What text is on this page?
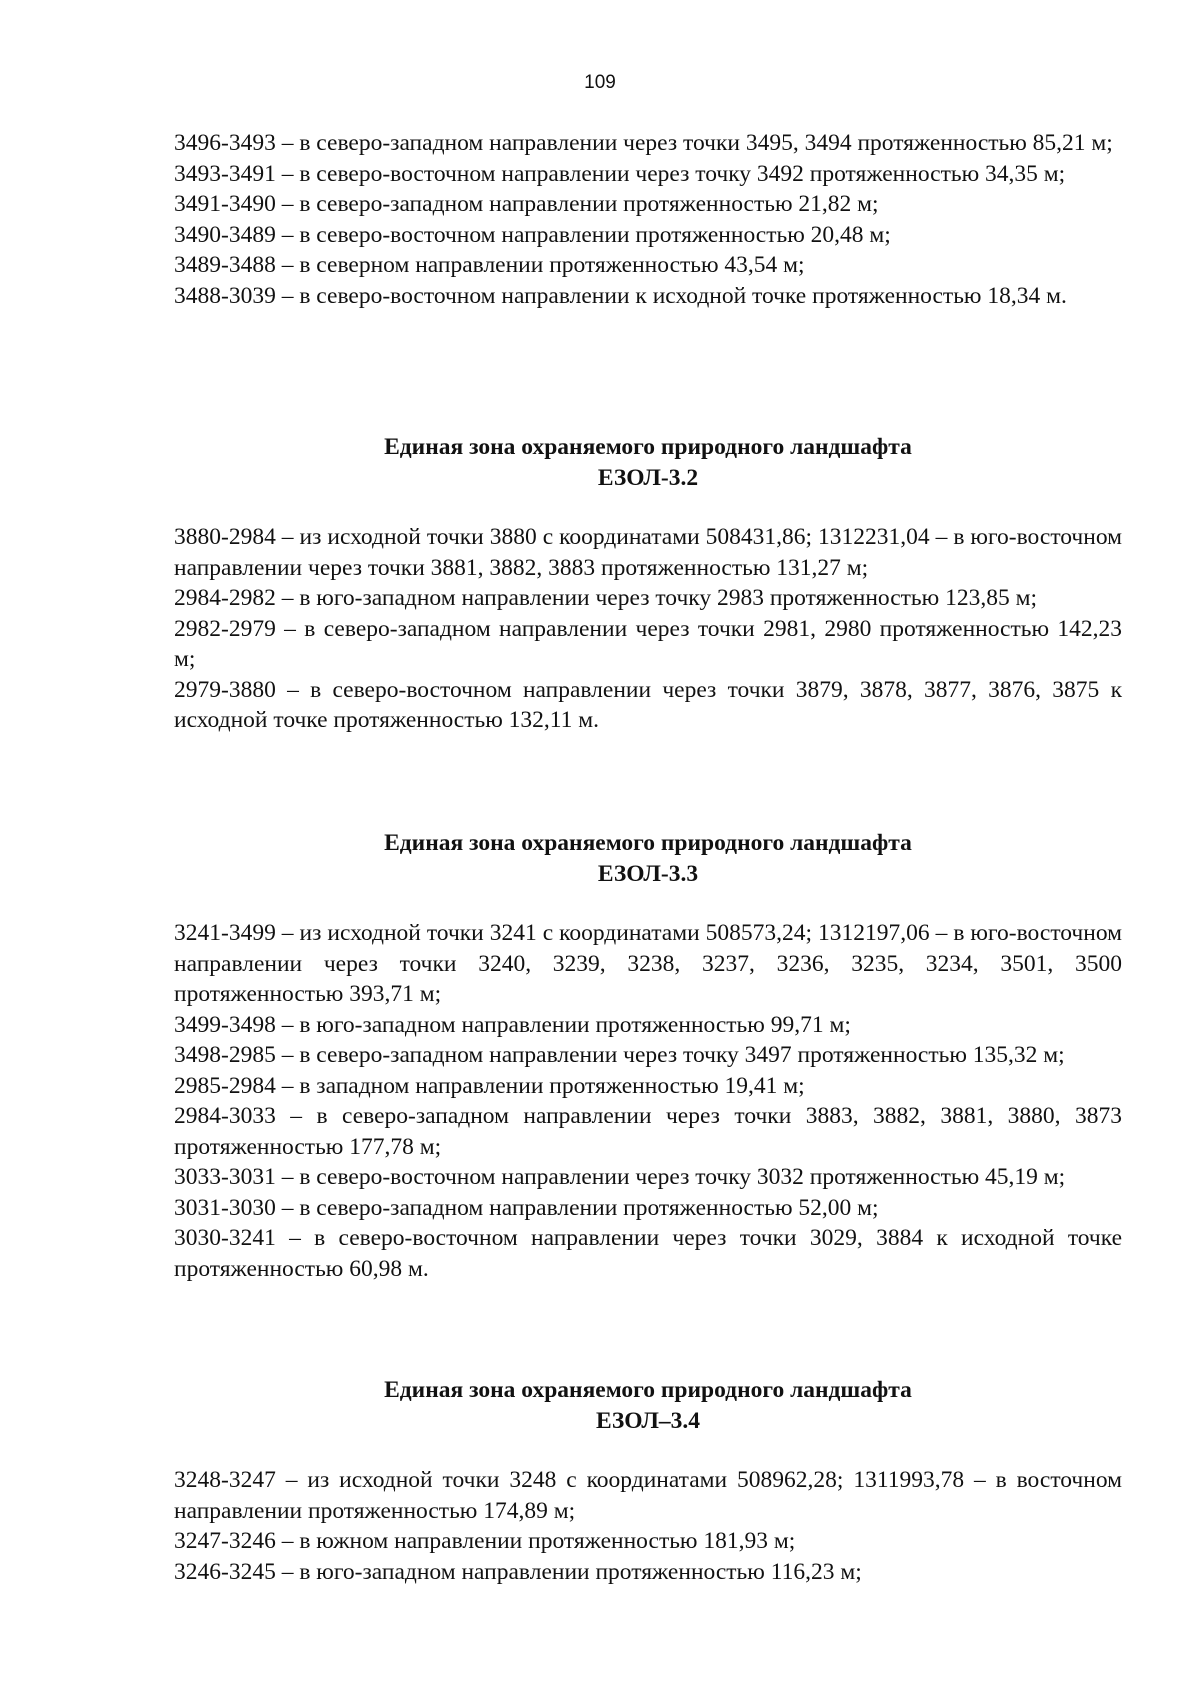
109

3496-3493 – в северо-западном направлении через точки 3495, 3494 протяженностью 85,21 м;

3493-3491 – в северо-восточном направлении через точку 3492 протяженностью 34,35 м;

3491-3490 – в северо-западном направлении протяженностью 21,82 м;

3490-3489 – в северо-восточном направлении протяженностью 20,48 м;

3489-3488 – в северном направлении протяженностью 43,54 м;

3488-3039 – в северо-восточном направлении к исходной точке протяженностью 18,34 м.

Единая зона охраняемого природного ландшафта

ЕЗОЛ-3.2

3880-2984 – из исходной точки 3880 с координатами 508431,86; 1312231,04 – в юго-восточном направлении через точки 3881, 3882, 3883 протяженностью 131,27 м;

2984-2982 – в юго-западном направлении через точку 2983 протяженностью 123,85 м;

2982-2979 – в северо-западном направлении через точки 2981, 2980 протяженностью 142,23 м;

2979-3880 – в северо-восточном направлении через точки 3879, 3878, 3877, 3876, 3875 к исходной точке протяженностью 132,11 м.

Единая зона охраняемого природного ландшафта

ЕЗОЛ-3.3

3241-3499 – из исходной точки 3241 с координатами 508573,24; 1312197,06 – в юго-восточном направлении через точки 3240, 3239, 3238, 3237, 3236, 3235, 3234, 3501, 3500 протяженностью 393,71 м;

3499-3498 – в юго-западном направлении протяженностью 99,71 м;

3498-2985 – в северо-западном направлении через точку 3497 протяженностью 135,32 м;

2985-2984 – в западном направлении протяженностью 19,41 м;

2984-3033 – в северо-западном направлении через точки 3883, 3882, 3881, 3880, 3873 протяженностью 177,78 м;

3033-3031 – в северо-восточном направлении через точку 3032 протяженностью 45,19 м;

3031-3030 – в северо-западном направлении протяженностью 52,00 м;

3030-3241 – в северо-восточном направлении через точки 3029, 3884 к исходной точке протяженностью 60,98 м.

Единая зона охраняемого природного ландшафта

ЕЗОЛ–3.4

3248-3247 – из исходной точки 3248 с координатами 508962,28; 1311993,78 – в восточном направлении протяженностью 174,89 м;

3247-3246 – в южном направлении протяженностью 181,93 м;

3246-3245 – в юго-западном направлении протяженностью 116,23 м;
